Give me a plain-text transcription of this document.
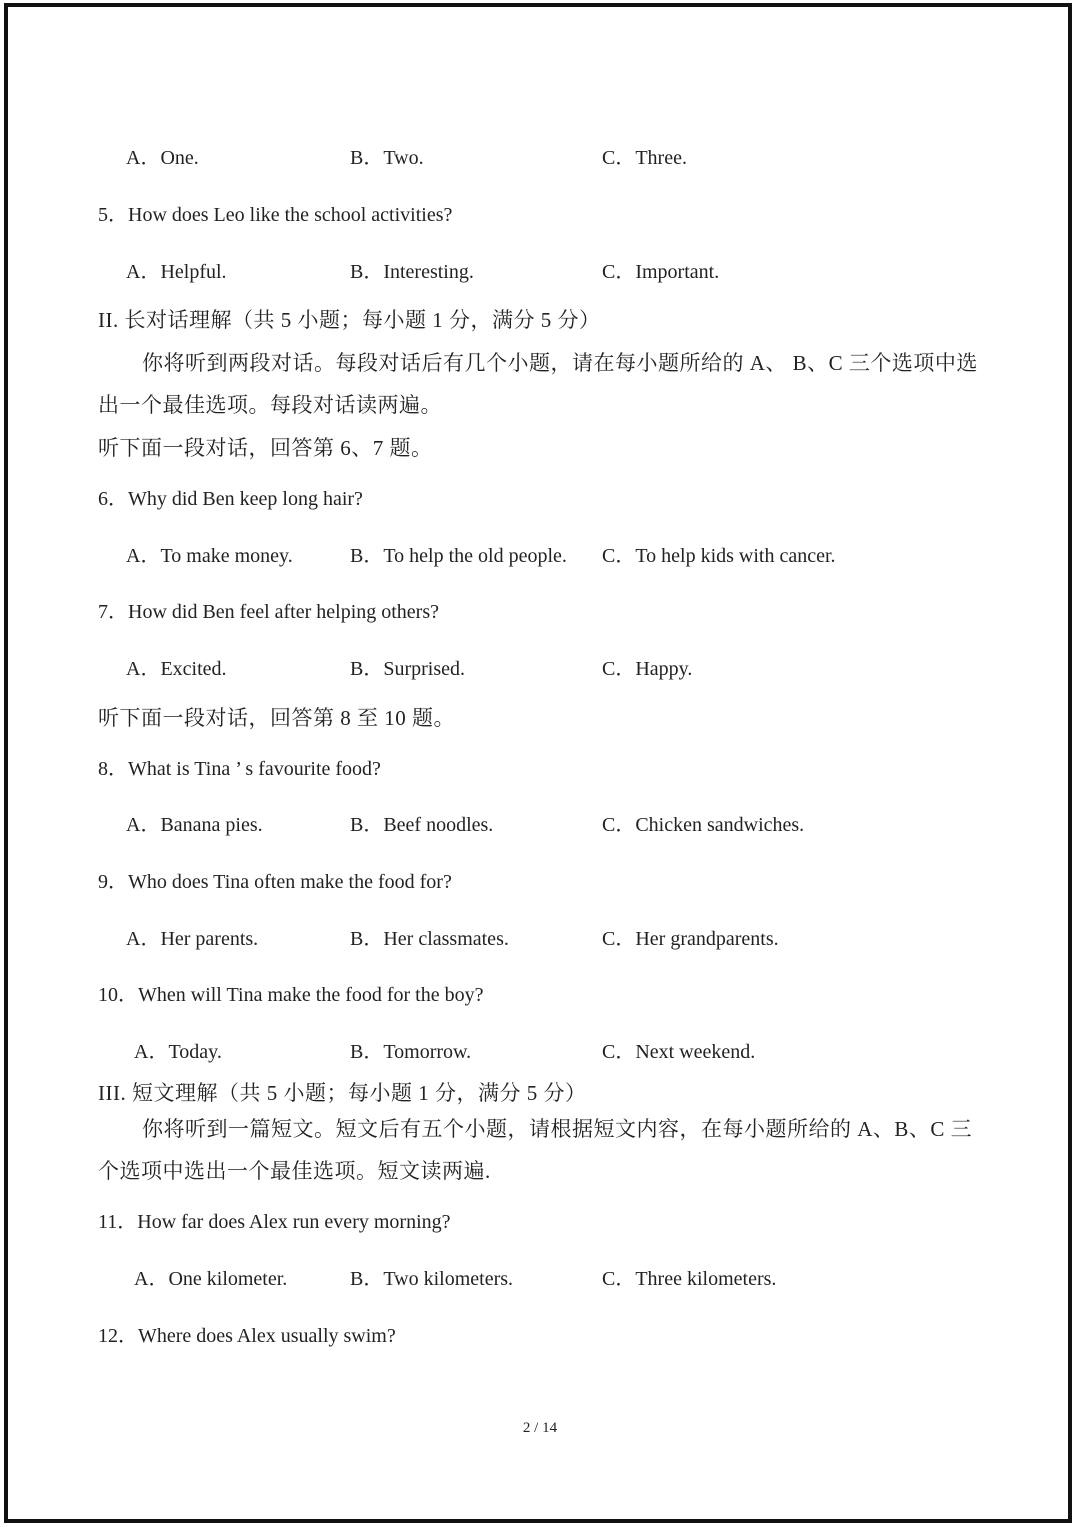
A．One.	B．Two.	C．Three.
5．How does Leo like the school activities?
A．Helpful.	B．Interesting.	C．Important.
II. 长对话理解（共 5 小题；每小题 1 分，满分 5 分）
你将听到两段对话。每段对话后有几个小题，请在每小题所给的 A、 B、C 三个选项中选
出一个最佳选项。每段对话读两遍。
听下面一段对话，回答第 6、7 题。
6．Why did Ben keep long hair?
A．To make money.	B．To help the old people. C．To help kids with cancer.
7．How did Ben feel after helping others?
A．Excited.	B．Surprised.	C．Happy.
听下面一段对话，回答第 8 至 10 题。
8．What is Tina ’ s favourite food?
A．Banana pies.	B．Beef noodles.	C．Chicken sandwiches.
9．Who does Tina often make the food for?
A．Her parents.	B．Her classmates.	C．Her grandparents.
10．When will Tina make the food for the boy?
A．Today.	B．Tomorrow.	C．Next weekend.
III. 短文理解（共 5 小题；每小题 1 分，满分 5 分）
你将听到一篇短文。短文后有五个小题，请根据短文内容，在每小题所给的 A、B、C 三
个选项中选出一个最佳选项。短文读两遍.
11．How far does Alex run every morning?
A．One kilometer.	B．Two kilometers.	C．Three kilometers.
12．Where does Alex usually swim?
2 / 14
